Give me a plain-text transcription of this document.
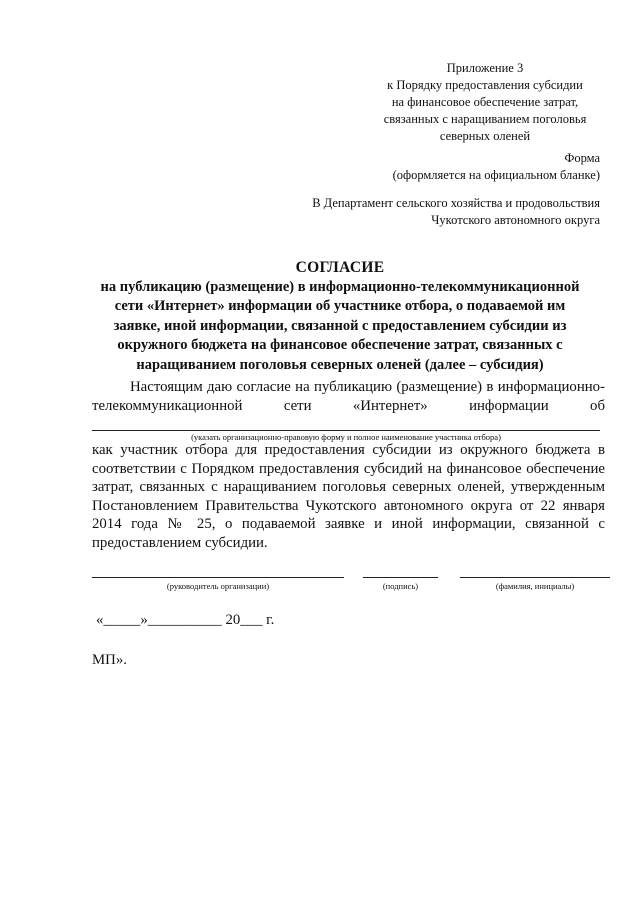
Приложение 3
к Порядку предоставления субсидии
на финансовое обеспечение затрат,
связанных с наращиванием поголовья
северных оленей
Форма
(оформляется на официальном бланке)
В Департамент сельского хозяйства и продовольствия
Чукотского автономного округа
СОГЛАСИЕ
на публикацию (размещение) в информационно-телекоммуникационной
сети «Интернет» информации об участнике отбора, о подаваемой им
заявке, иной информации, связанной с предоставлением субсидии из
окружного бюджета на финансовое обеспечение затрат, связанных с
наращиванием поголовья северных оленей (далее – субсидия)
Настоящим даю согласие на публикацию (размещение) в информационно-телекоммуникационной сети «Интернет» информации об
(указать организационно-правовую форму и полное наименование участника отбора)
как участник отбора для предоставления субсидии из окружного бюджета в соответствии с Порядком предоставления субсидий на финансовое обеспечение затрат, связанных с наращиванием поголовья северных оленей, утвержденным Постановлением Правительства Чукотского автономного округа от 22 января 2014 года № 25, о подаваемой заявке и иной информации, связанной с предоставлением субсидии.
(руководитель организации)	(подпись)	(фамилия, инициалы)
«_____»__________ 20___ г.
МП».
